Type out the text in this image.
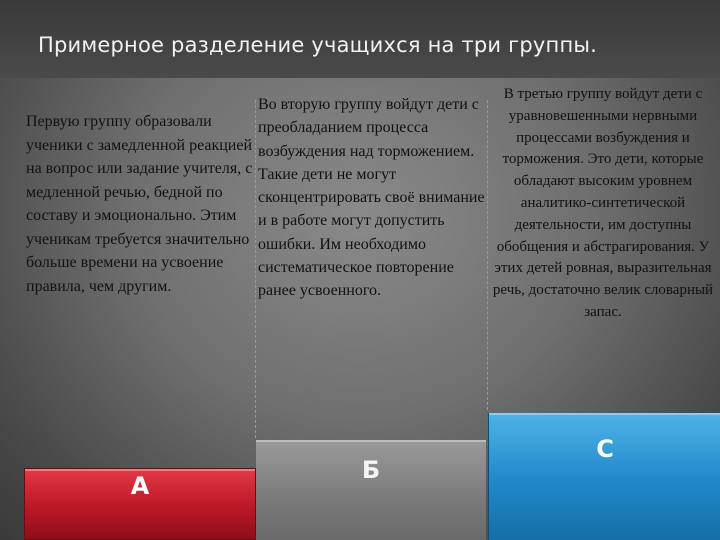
Примерное разделение учащихся на три группы.
Первую группу образовали ученики с замедленной реакцией на вопрос или задание учителя, с медленной речью, бедной по составу и эмоционально. Этим ученикам требуется значительно больше времени на усвоение правила, чем другим.
Во вторую группу войдут дети с преобладанием процесса возбуждения над торможением. Такие дети не могут сконцентрировать своё внимание и в работе могут допустить ошибки. Им необходимо систематическое повторение ранее усвоенного.
В третью группу войдут дети с уравновешенными нервными процессами возбуждения и торможения. Это дети, которые обладают высоким уровнем аналитико-синтетической деятельности, им доступны обобщения и абстрагирования. У этих детей ровная, выразительная речь, достаточно велик словарный запас.
А
Б
С
